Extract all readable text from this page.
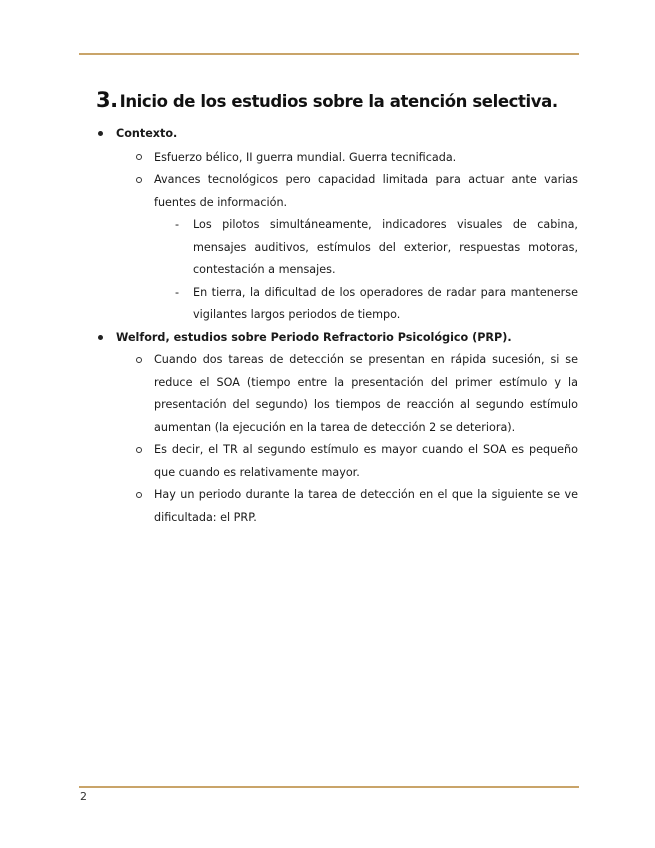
3. Inicio de los estudios sobre la atención selectiva.
Contexto.
Esfuerzo bélico, II guerra mundial. Guerra tecnificada.
Avances tecnológicos pero capacidad limitada para actuar ante varias
fuentes de información.
- Los pilotos simultáneamente, indicadores visuales de cabina,
mensajes auditivos, estímulos del exterior, respuestas motoras,
contestación a mensajes.
- En tierra, la dificultad de los operadores de radar para mantenerse
vigilantes largos periodos de tiempo.
Welford, estudios sobre Periodo Refractorio Psicológico (PRP).
Cuando dos tareas de detección se presentan en rápida sucesión, si se
reduce el SOA (tiempo entre la presentación del primer estímulo y la
presentación del segundo) los tiempos de reacción al segundo estímulo
aumentan (la ejecución en la tarea de detección 2 se deteriora).
Es decir, el TR al segundo estímulo es mayor cuando el SOA es pequeño
que cuando es relativamente mayor.
Hay un periodo durante la tarea de detección en el que la siguiente se ve
dificultada: el PRP.
2
